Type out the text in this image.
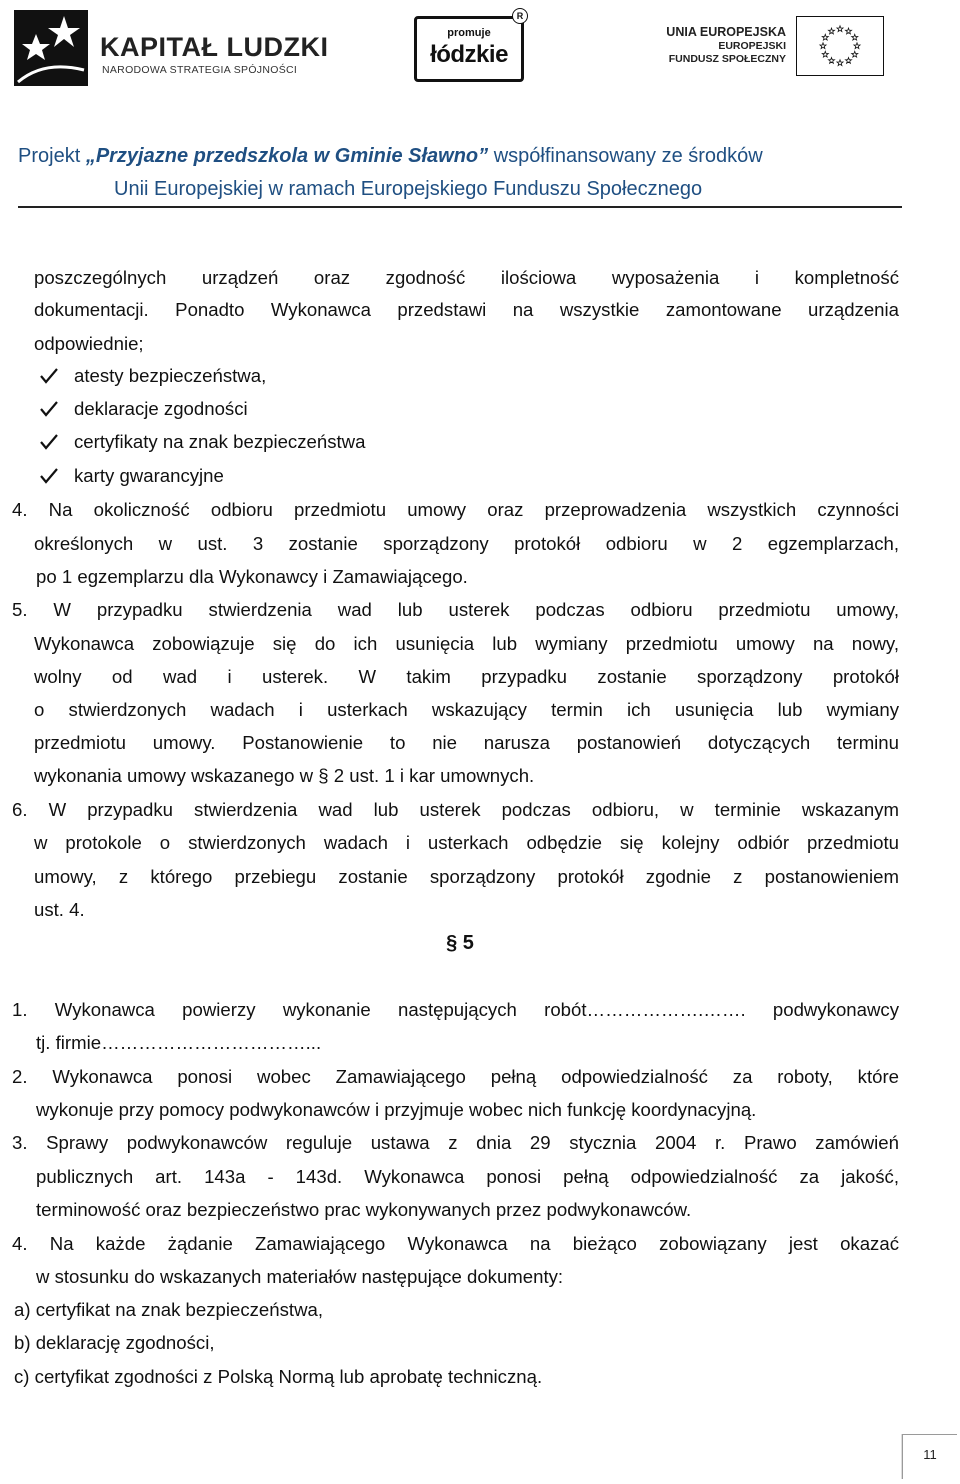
KAPITAŁ LUDZKI
NARODOWA STRATEGIA SPÓJNOŚCI
promuje
łódzkie
R
UNIA EUROPEJSKA
EUROPEJSKI
FUNDUSZ SPOŁECZNY
Projekt „Przyjazne przedszkola w Gminie Sławno” współfinansowany ze środków
Unii Europejskiej w ramach Europejskiego Funduszu Społecznego
poszczególnych urządzeń oraz zgodność ilościowa wyposażenia i kompletność
dokumentacji. Ponadto Wykonawca przedstawi na wszystkie zamontowane urządzenia
odpowiednie;
atesty bezpieczeństwa,
deklaracje zgodności
certyfikaty na znak bezpieczeństwa
karty gwarancyjne
4. Na okoliczność odbioru przedmiotu umowy oraz przeprowadzenia wszystkich czynności
określonych w ust. 3 zostanie sporządzony protokół odbioru w 2 egzemplarzach,
po 1 egzemplarzu dla Wykonawcy i Zamawiającego.
5. W przypadku stwierdzenia wad lub usterek podczas odbioru przedmiotu umowy,
Wykonawca zobowiązuje się do ich usunięcia lub wymiany przedmiotu umowy na nowy,
wolny od wad i usterek. W takim przypadku zostanie sporządzony protokół
o stwierdzonych wadach i usterkach wskazujący termin ich usunięcia lub wymiany
przedmiotu umowy. Postanowienie to nie narusza postanowień dotyczących terminu
wykonania umowy wskazanego w § 2 ust. 1 i kar umownych.
6. W przypadku stwierdzenia wad lub usterek podczas odbioru, w terminie wskazanym
w protokole o stwierdzonych wadach i usterkach odbędzie się kolejny odbiór przedmiotu
umowy, z którego przebiegu zostanie sporządzony protokół zgodnie z postanowieniem
ust. 4.
§ 5
1. Wykonawca powierzy wykonanie następujących robót……………….……. podwykonawcy
tj. firmie……………………………...
2. Wykonawca ponosi wobec Zamawiającego pełną odpowiedzialność za roboty, które
wykonuje przy pomocy podwykonawców i przyjmuje wobec nich funkcję koordynacyjną.
3. Sprawy podwykonawców reguluje ustawa z dnia 29 stycznia 2004 r. Prawo zamówień
publicznych art. 143a - 143d. Wykonawca ponosi pełną odpowiedzialność za jakość,
terminowość oraz bezpieczeństwo prac wykonywanych przez podwykonawców.
4. Na każde żądanie Zamawiającego Wykonawca na bieżąco zobowiązany jest okazać
w stosunku do wskazanych materiałów następujące dokumenty:
a) certyfikat na znak bezpieczeństwa,
b) deklarację zgodności,
c) certyfikat zgodności z Polską Normą lub aprobatę techniczną.
11
